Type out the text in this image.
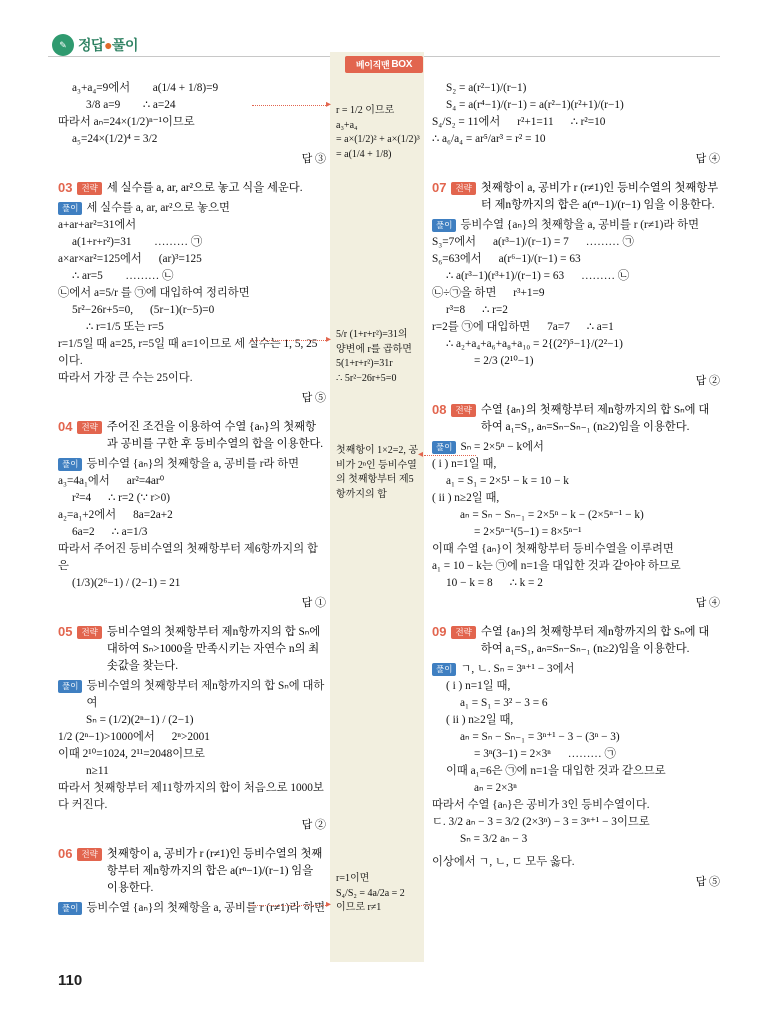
✎ 정답●풀이
베이직맨 BOX

a₃+a₄=9에서        a(1/4 + 1/8)=9

3/8 a=9        ∴ a=24

따라서 aₙ=24×(1/2)ⁿ⁻¹이므로

a₅=24×(1/2)⁴ = 3/2

답 ③

03	전략 세 실수를 a, ar, ar²으로 놓고 식을 세운다.
풀이 세 실수를 a, ar, ar²으로 놓으면

a+ar+ar²=31에서

a(1+r+r²)=31        ……… ㉠

a×ar×ar²=125에서      (ar)³=125

∴ ar=5        ……… ㉡

㉡에서 a=5/r 를 ㉠에 대입하여 정리하면

5r²−26r+5=0,      (5r−1)(r−5)=0

∴ r=1/5 또는 r=5

r=1/5일 때 a=25, r=5일 때 a=1이므로 세 실수는 1, 5, 25이다.

따라서 가장 큰 수는 25이다.

답 ⑤

04	전략 주어진 조건을 이용하여 수열 {aₙ}의 첫째항과 공비를 구한 후 등비수열의 합을 이용한다.
풀이 등비수열 {aₙ}의 첫째항을 a, 공비를 r라 하면

a₃=4a₁에서      ar²=4ar⁰

r²=4      ∴ r=2 (∵ r>0)

a₂=a₁+2에서      8a=2a+2

6a=2      ∴ a=1/3

따라서 주어진 등비수열의 첫째항부터 제6항까지의 합은

(1/3)(2⁶−1) / (2−1) = 21

답 ①

05	전략 등비수열의 첫째항부터 제n항까지의 합 Sₙ에 대하여 Sₙ>1000을 만족시키는 자연수 n의 최솟값을 찾는다.
풀이 등비수열의 첫째항부터 제n항까지의 합 Sₙ에 대하여

Sₙ = (1/2)(2ⁿ−1) / (2−1)

1/2 (2ⁿ−1)>1000에서      2ⁿ>2001

이때 2¹⁰=1024, 2¹¹=2048이므로

n≥11

따라서 첫째항부터 제11항까지의 합이 처음으로 1000보다 커진다.

답 ②

06	전략 첫째항이 a, 공비가 r (r≠1)인 등비수열의 첫째항부터 제n항까지의 합은 a(rⁿ−1)/(r−1) 임을 이용한다.
풀이 등비수열 {aₙ}의 첫째항을 a, 공비를 r (r≠1)라 하면

r = 1/2 이므로

a₃+a₄

= a×(1/2)² + a×(1/2)³

= a(1/4 + 1/8)

5/r (1+r+r²)=31의

양변에 r를 곱하면

5(1+r+r²)=31r

∴ 5r²−26r+5=0

첫째항이 1×2=2, 공비가 2ⁿ인 등비수열의 첫째항부터 제5항까지의 합

r=1이면

S₄/S₂ = 4a/2a = 2

이므로 r≠1

▸
▸
◂
▸

S₂ = a(r²−1)/(r−1)

S₄ = a(r⁴−1)/(r−1) = a(r²−1)(r²+1)/(r−1)

S₄/S₂ = 11에서      r²+1=11      ∴ r²=10

∴ a₆/a₄ = ar⁵/ar³ = r² = 10

답 ④

07	전략 첫째항이 a, 공비가 r (r≠1)인 등비수열의 첫째항부터 제n항까지의 합은 a(rⁿ−1)/(r−1) 임을 이용한다.
풀이 등비수열 {aₙ}의 첫째항을 a, 공비를 r (r≠1)라 하면

S₃=7에서      a(r³−1)/(r−1) = 7      ……… ㉠

S₆=63에서      a(r⁶−1)/(r−1) = 63

∴ a(r³−1)(r³+1)/(r−1) = 63      ……… ㉡

㉡÷㉠을 하면      r³+1=9

r³=8      ∴ r=2

r=2를 ㉠에 대입하면      7a=7      ∴ a=1

∴ a₂+a₄+a₆+a₈+a₁₀ = 2{(2²)⁵−1}/(2²−1)

= 2/3 (2¹⁰−1)

답 ②

08	전략 수열 {aₙ}의 첫째항부터 제n항까지의 합 Sₙ에 대하여 a₁=S₁, aₙ=Sₙ−Sₙ₋₁ (n≥2)임을 이용한다.
풀이 Sₙ = 2×5ⁿ − k에서

( i ) n=1일 때,

a₁ = S₁ = 2×5¹ − k = 10 − k

( ii ) n≥2일 때,

aₙ = Sₙ − Sₙ₋₁ = 2×5ⁿ − k − (2×5ⁿ⁻¹ − k)

= 2×5ⁿ⁻¹(5−1) = 8×5ⁿ⁻¹

이때 수열 {aₙ}이 첫째항부터 등비수열을 이루려면

a₁ = 10 − k는 ㉠에 n=1을 대입한 것과 같아야 하므로

10 − k = 8      ∴ k = 2

답 ④

09	전략 수열 {aₙ}의 첫째항부터 제n항까지의 합 Sₙ에 대하여 a₁=S₁, aₙ=Sₙ−Sₙ₋₁ (n≥2)임을 이용한다.
풀이 ㄱ, ㄴ. Sₙ = 3ⁿ⁺¹ − 3에서

( i ) n=1일 때,

a₁ = S₁ = 3² − 3 = 6

( ii ) n≥2일 때,

aₙ = Sₙ − Sₙ₋₁ = 3ⁿ⁺¹ − 3 − (3ⁿ − 3)

= 3ⁿ(3−1) = 2×3ⁿ      ……… ㉠

이때 a₁=6은 ㉠에 n=1을 대입한 것과 같으므로

aₙ = 2×3ⁿ

따라서 수열 {aₙ}은 공비가 3인 등비수열이다.

ㄷ. 3/2 aₙ − 3 = 3/2 (2×3ⁿ) − 3 = 3ⁿ⁺¹ − 3이므로

Sₙ = 3/2 aₙ − 3

이상에서 ㄱ, ㄴ, ㄷ 모두 옳다.

답 ⑤

110
